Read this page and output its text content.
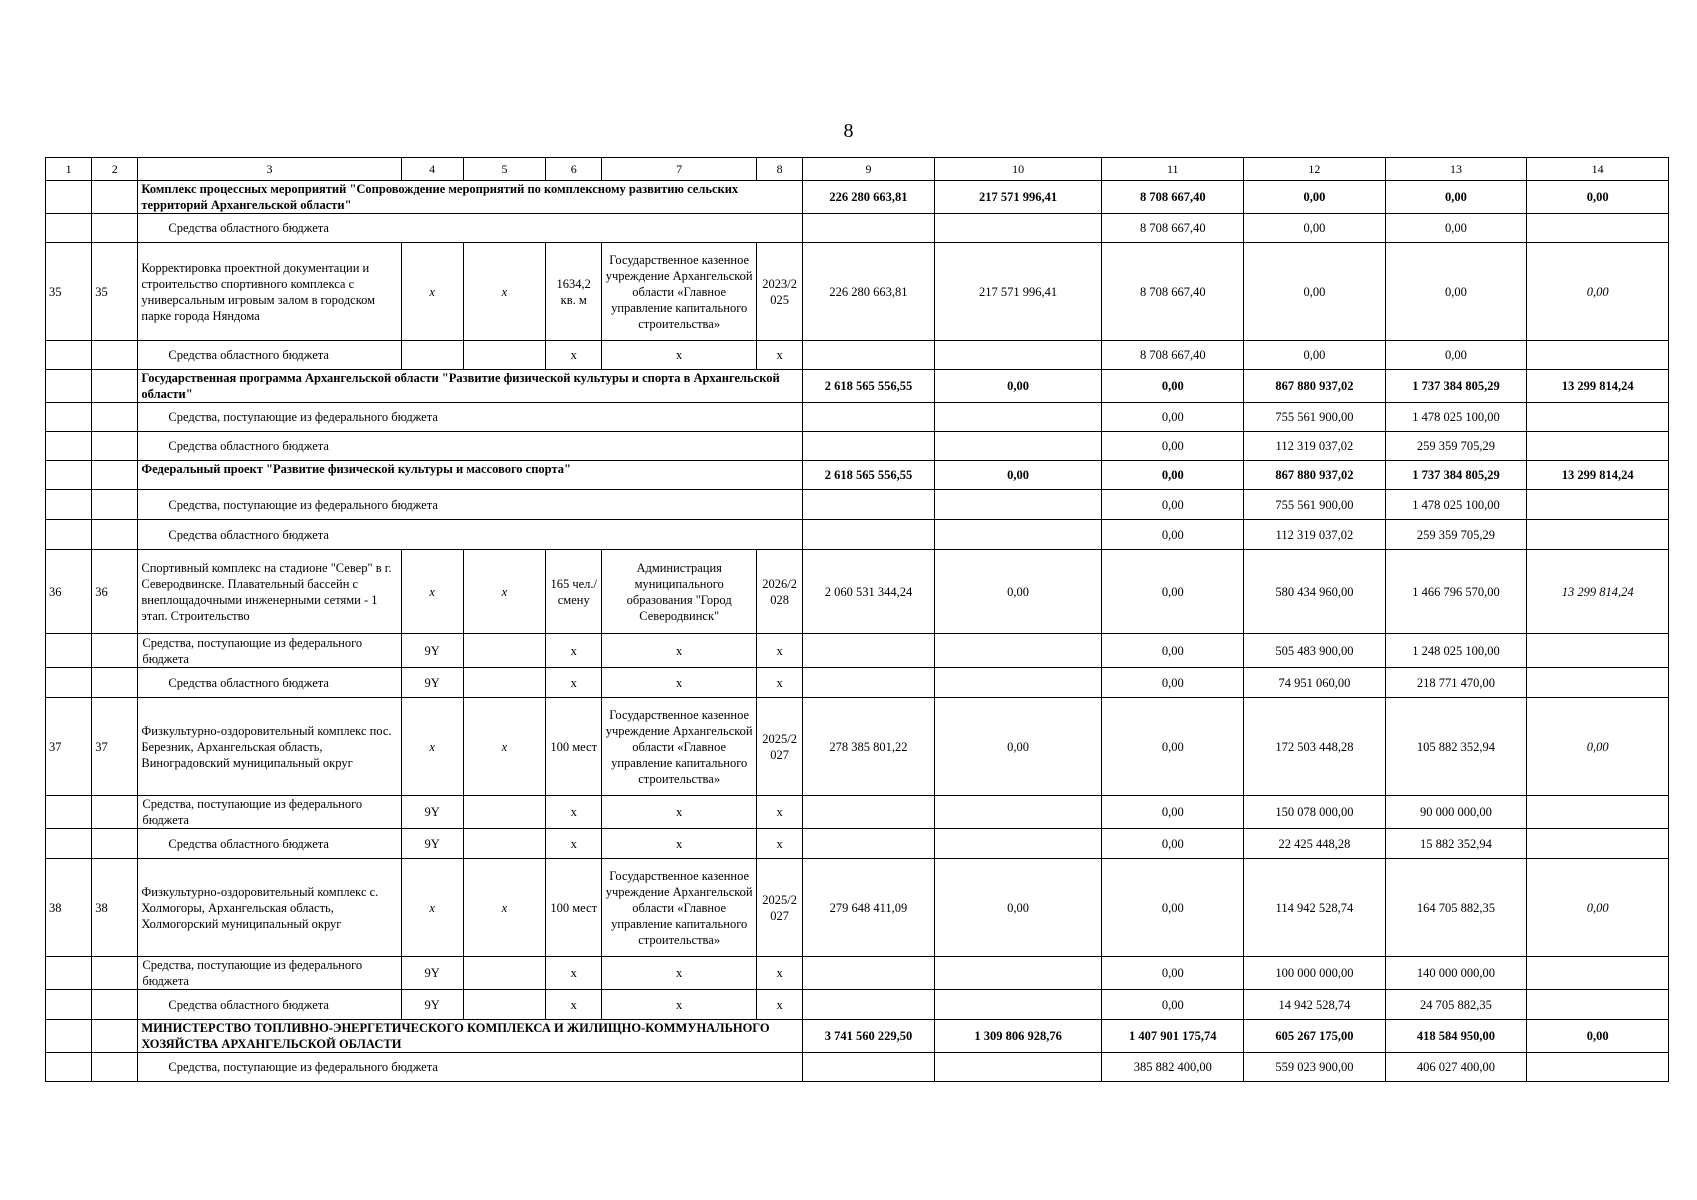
8
1	2	3	4	5	6	7	8	9	10	11	12	13	14
		Комплекс процессных мероприятий "Сопровождение мероприятий по комплексному развитию сельских территорий Архангельской области"						226 280 663,81	217 571 996,41	8 708 667,40	0,00	0,00	0,00
		Средства областного бюджета								8 708 667,40	0,00	0,00	
35	35	Корректировка проектной документации и строительство спортивного комплекса с универсальным игровым залом в городском парке города Няндома	х	х	1634,2 кв. м	Государственное казенное учреждение Архангельской области «Главное управление капитального строительства»	2023/2025	226 280 663,81	217 571 996,41	8 708 667,40	0,00	0,00	0,00
		Средства областного бюджета			x	x	x			8 708 667,40	0,00	0,00	
		Государственная программа Архангельской области "Развитие физической культуры и спорта в Архангельской области"						2 618 565 556,55	0,00	0,00	867 880 937,02	1 737 384 805,29	13 299 814,24
		Средства, поступающие из федерального бюджета								0,00	755 561 900,00	1 478 025 100,00	
		Средства областного бюджета								0,00	112 319 037,02	259 359 705,29	
		Федеральный проект "Развитие физической культуры и массового спорта"						2 618 565 556,55	0,00	0,00	867 880 937,02	1 737 384 805,29	13 299 814,24
		Средства, поступающие из федерального бюджета								0,00	755 561 900,00	1 478 025 100,00	
		Средства областного бюджета								0,00	112 319 037,02	259 359 705,29	
36	36	Спортивный комплекс на стадионе "Север" в г. Северодвинске. Плавательный бассейн с внеплощадочными инженерными сетями - 1 этап. Строительство	х	х	165 чел./смену	Администрация муниципального образования "Город Северодвинск"	2026/2028	2 060 531 344,24	0,00	0,00	580 434 960,00	1 466 796 570,00	13 299 814,24
		Средства, поступающие из федерального бюджета	9Y		x	x	x			0,00	505 483 900,00	1 248 025 100,00	
		Средства областного бюджета	9Y		x	x	x			0,00	74 951 060,00	218 771 470,00	
37	37	Физкультурно-оздоровительный комплекс пос. Березник, Архангельская область, Виноградовский муниципальный округ	х	х	100 мест	Государственное казенное учреждение Архангельской области «Главное управление капитального строительства»	2025/2027	278 385 801,22	0,00	0,00	172 503 448,28	105 882 352,94	0,00
		Средства, поступающие из федерального бюджета	9Y		x	x	x			0,00	150 078 000,00	90 000 000,00	
		Средства областного бюджета	9Y		x	x	x			0,00	22 425 448,28	15 882 352,94	
38	38	Физкультурно-оздоровительный комплекс с. Холмогоры, Архангельская область, Холмогорский муниципальный округ	х	х	100 мест	Государственное казенное учреждение Архангельской области «Главное управление капитального строительства»	2025/2027	279 648 411,09	0,00	0,00	114 942 528,74	164 705 882,35	0,00
		Средства, поступающие из федерального бюджета	9Y		x	x	x			0,00	100 000 000,00	140 000 000,00	
		Средства областного бюджета	9Y		x	x	x			0,00	14 942 528,74	24 705 882,35	
		МИНИСТЕРСТВО ТОПЛИВНО-ЭНЕРГЕТИЧЕСКОГО КОМПЛЕКСА И ЖИЛИЩНО-КОММУНАЛЬНОГО ХОЗЯЙСТВА АРХАНГЕЛЬСКОЙ ОБЛАСТИ						3 741 560 229,50	1 309 806 928,76	1 407 901 175,74	605 267 175,00	418 584 950,00	0,00
		Средства, поступающие из федерального бюджета								385 882 400,00	559 023 900,00	406 027 400,00	
